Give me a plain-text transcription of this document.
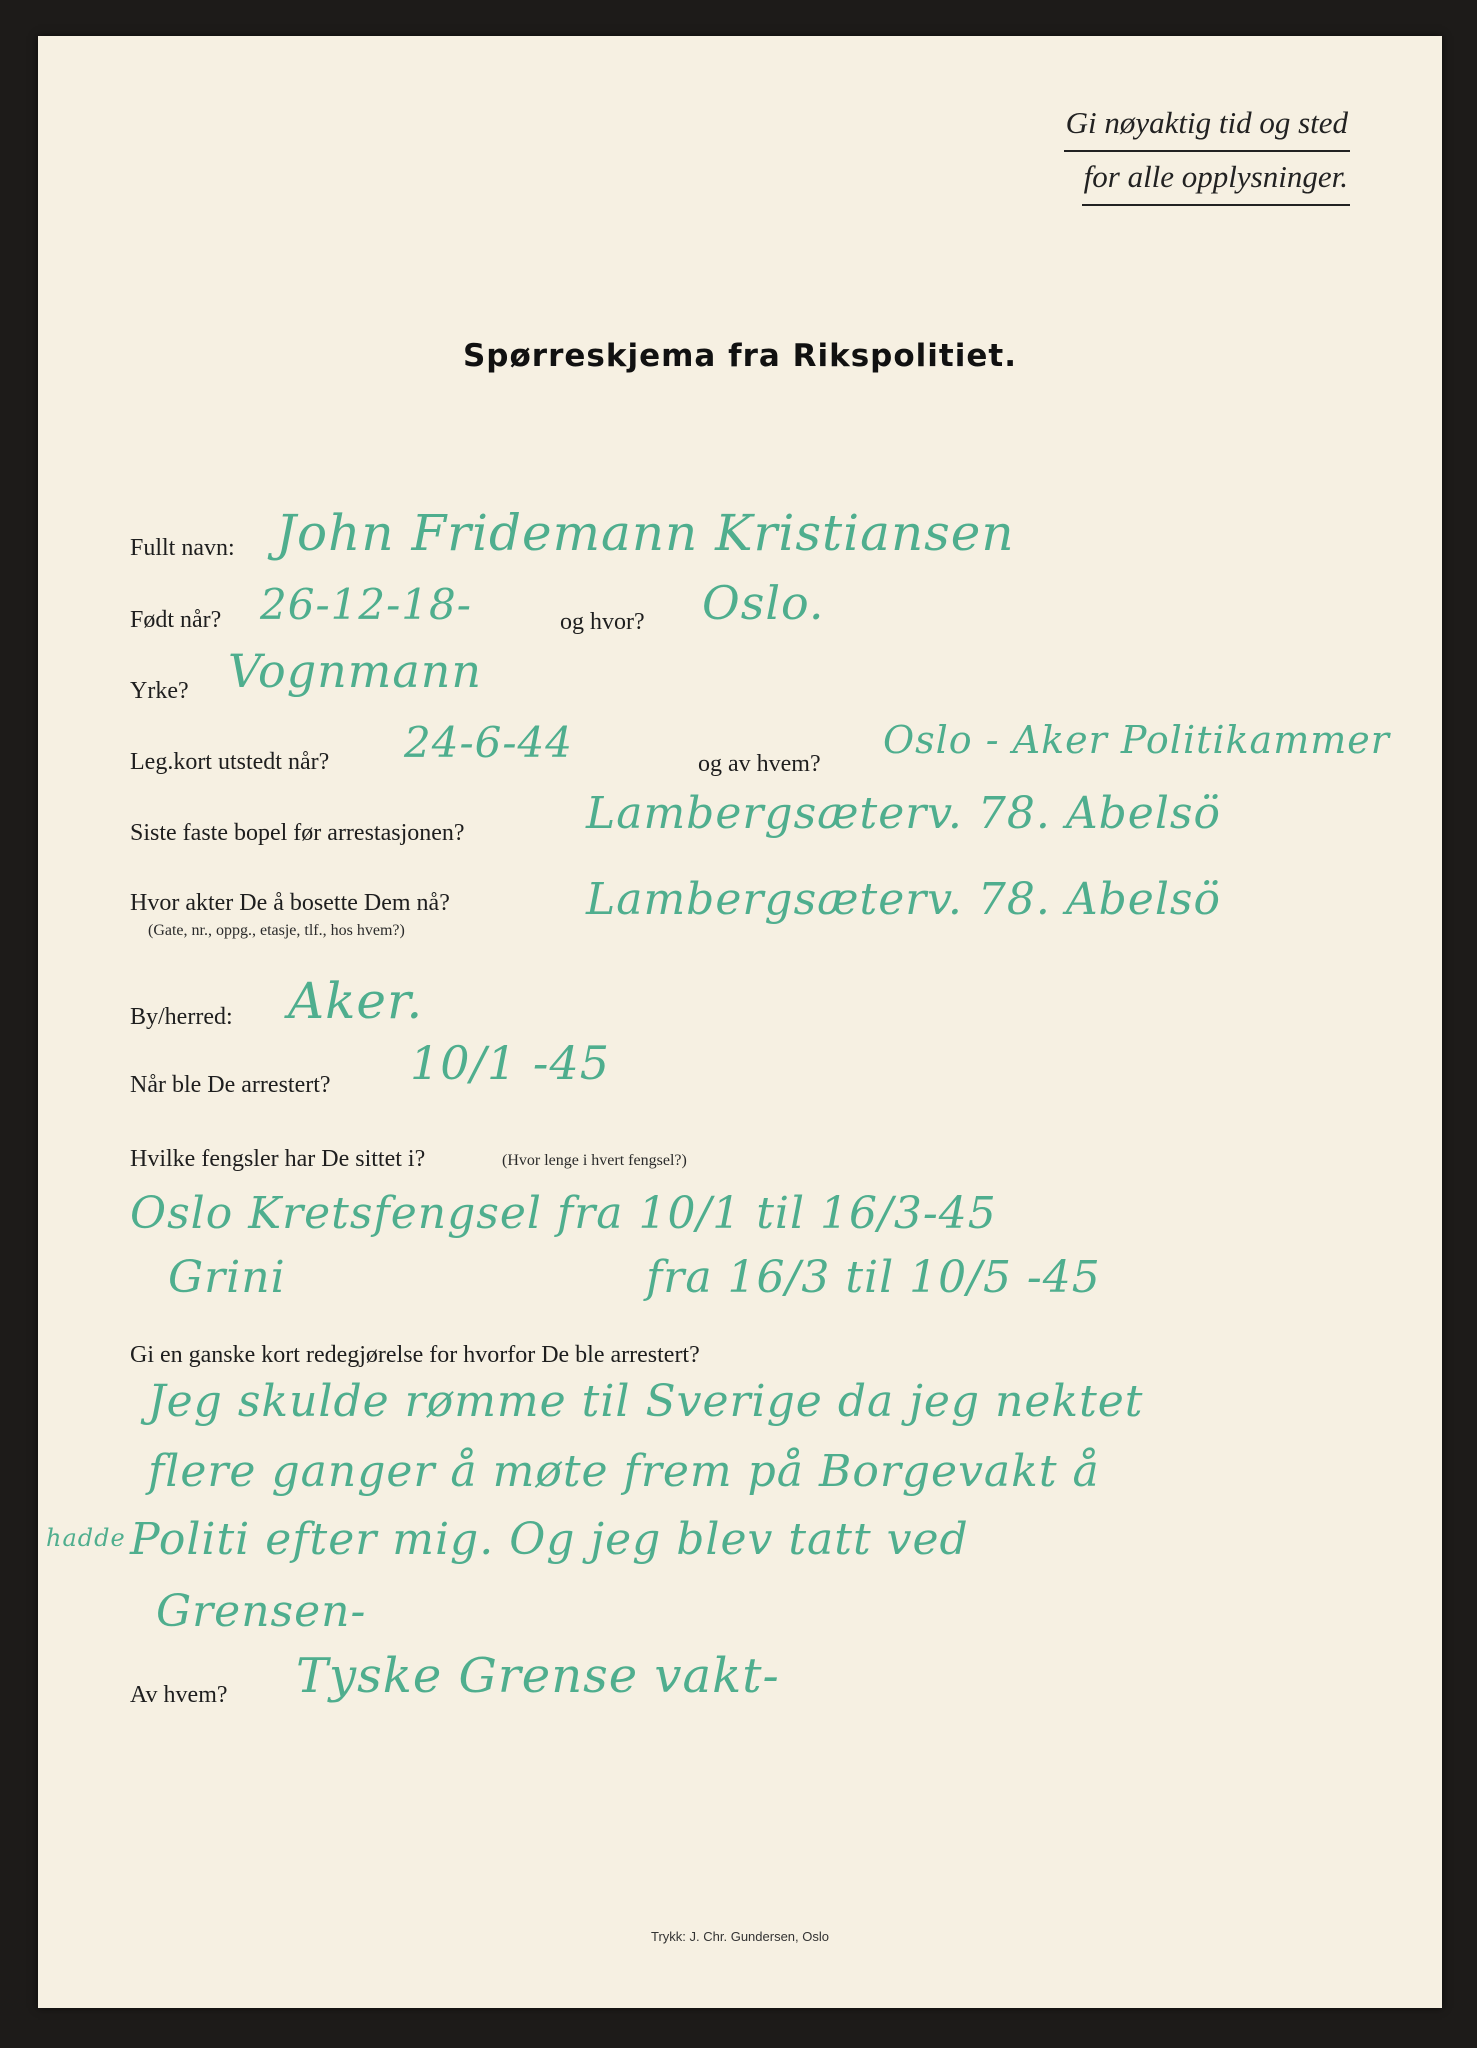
Gi nøyaktig tid og sted
for alle opplysninger.
Spørreskjema fra Rikspolitiet.
Fullt navn: John Fridemann Kristiansen
Født når? 26-12-18-	og hvor? Oslo.
Yrke? Vognmann
Leg.kort utstedt når? 24-6-44	og av hvem?
Oslo - Aker Politikammer
Siste faste bopel før arrestasjonen?	Lambergsæterv. 78. Abelsö
Hvor akter De å bosette Dem nå?
(Gate, nr., oppg., etasje, tlf., hos hvem?)
Lambergsæterv. 78. Abelsö
By/herred: Aker.
Når ble De arrestert? 10/1 -45
Hvilke fengsler har De sittet i?	(Hvor lenge i hvert fengsel?)
Oslo Kretsfengsel fra 10/1 til 16/3-45
Grini	fra 16/3 til 10/5 -45
Gi en ganske kort redegjørelse for hvorfor De ble arrestert?
hadde
Jeg skulde rømme til Sverige da jeg nektet
flere ganger å møte frem på Borgevakt å
Politi efter mig. Og jeg blev tatt ved
Grensen-
Av hvem? Tyske Grense vakt-
Trykk: J. Chr. Gundersen, Oslo
